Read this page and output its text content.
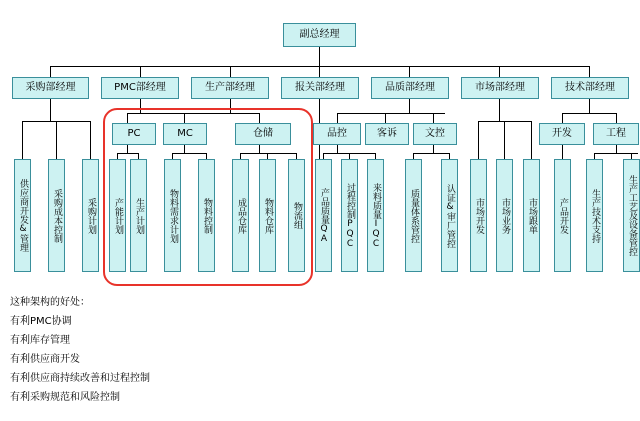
副总经理
采购部经理	PMC部经理	生产部经理	报关部经理	品质部经理	市场部经理	技术部经理
PC	MC	仓储	品控	客诉	文控	开发	工程
供应商开发&管理	采购成本控制	采购计划	产能计划	生产计划	物料需求计划	物料控制	成品仓库	物料仓库	物流组	产品质量QA	过程控制PQC	来料质量IQC	质量体系管控	认证&审厂管控	市场开发	市场业务	市场跟单	产品开发	生产技术支持	生产工艺及设备管控
这种架构的好处：
有利PMC协调
有利库存管理
有利供应商开发
有利供应商持续改善和过程控制
有利采购规范和风险控制
